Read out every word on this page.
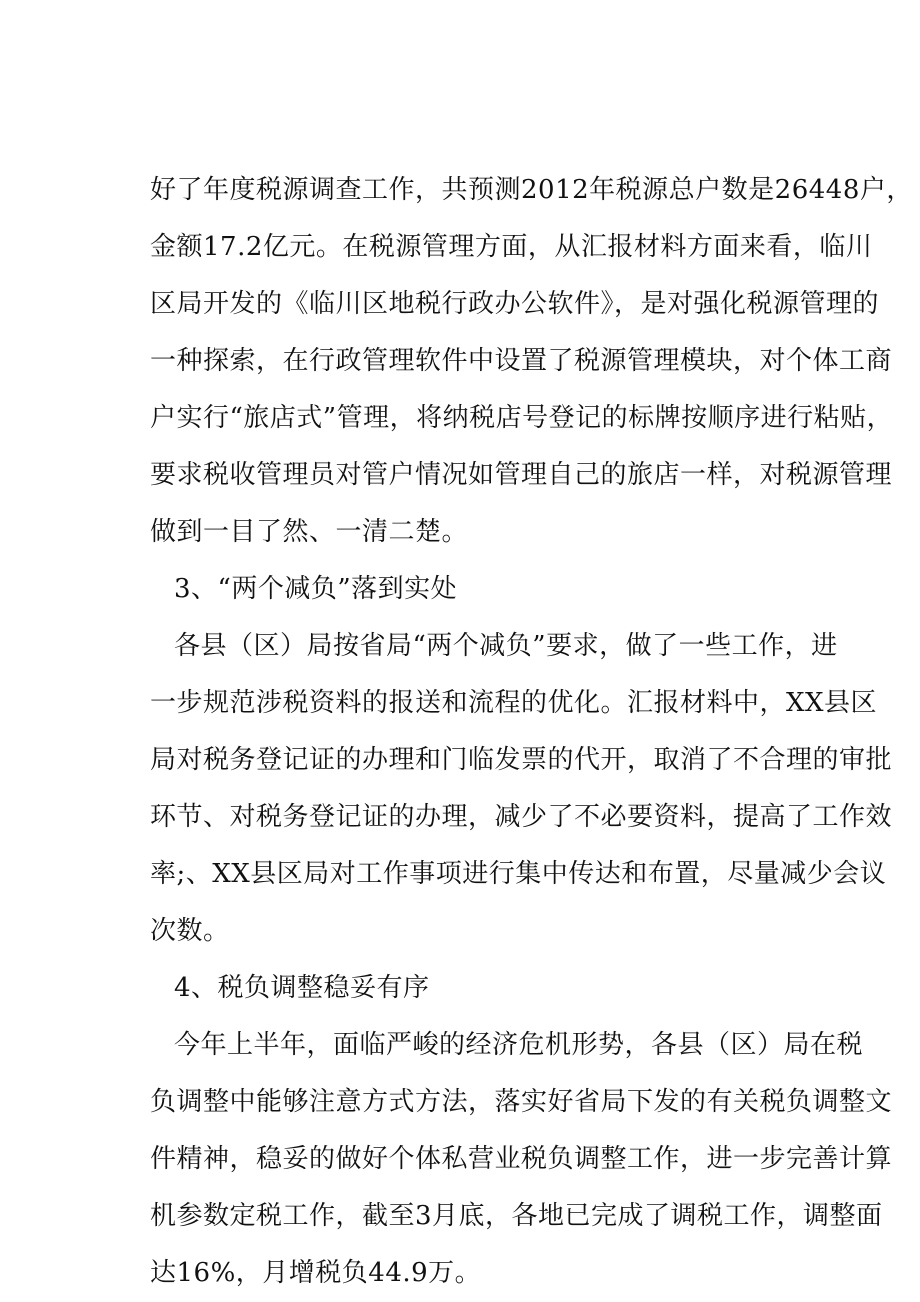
好了年度税源调查工作，共预测2012年税源总户数是26448户，
金额17.2亿元。在税源管理方面，从汇报材料方面来看，临川
区局开发的《临川区地税行政办公软件》，是对强化税源管理的
一种探索，在行政管理软件中设置了税源管理模块，对个体工商
户实行“旅店式”管理，将纳税店号登记的标牌按顺序进行粘贴，
要求税收管理员对管户情况如管理自己的旅店一样，对税源管理
做到一目了然、一清二楚。
3、“两个减负”落到实处
各县（区）局按省局“两个减负”要求，做了一些工作，进
一步规范涉税资料的报送和流程的优化。汇报材料中，XX县区
局对税务登记证的办理和门临发票的代开，取消了不合理的审批
环节、对税务登记证的办理，减少了不必要资料，提高了工作效
率;、XX县区局对工作事项进行集中传达和布置，尽量减少会议
次数。
4、税负调整稳妥有序
今年上半年，面临严峻的经济危机形势，各县（区）局在税
负调整中能够注意方式方法，落实好省局下发的有关税负调整文
件精神，稳妥的做好个体私营业税负调整工作，进一步完善计算
机参数定税工作，截至3月底，各地已完成了调税工作，调整面
达16%，月增税负44.9万。
